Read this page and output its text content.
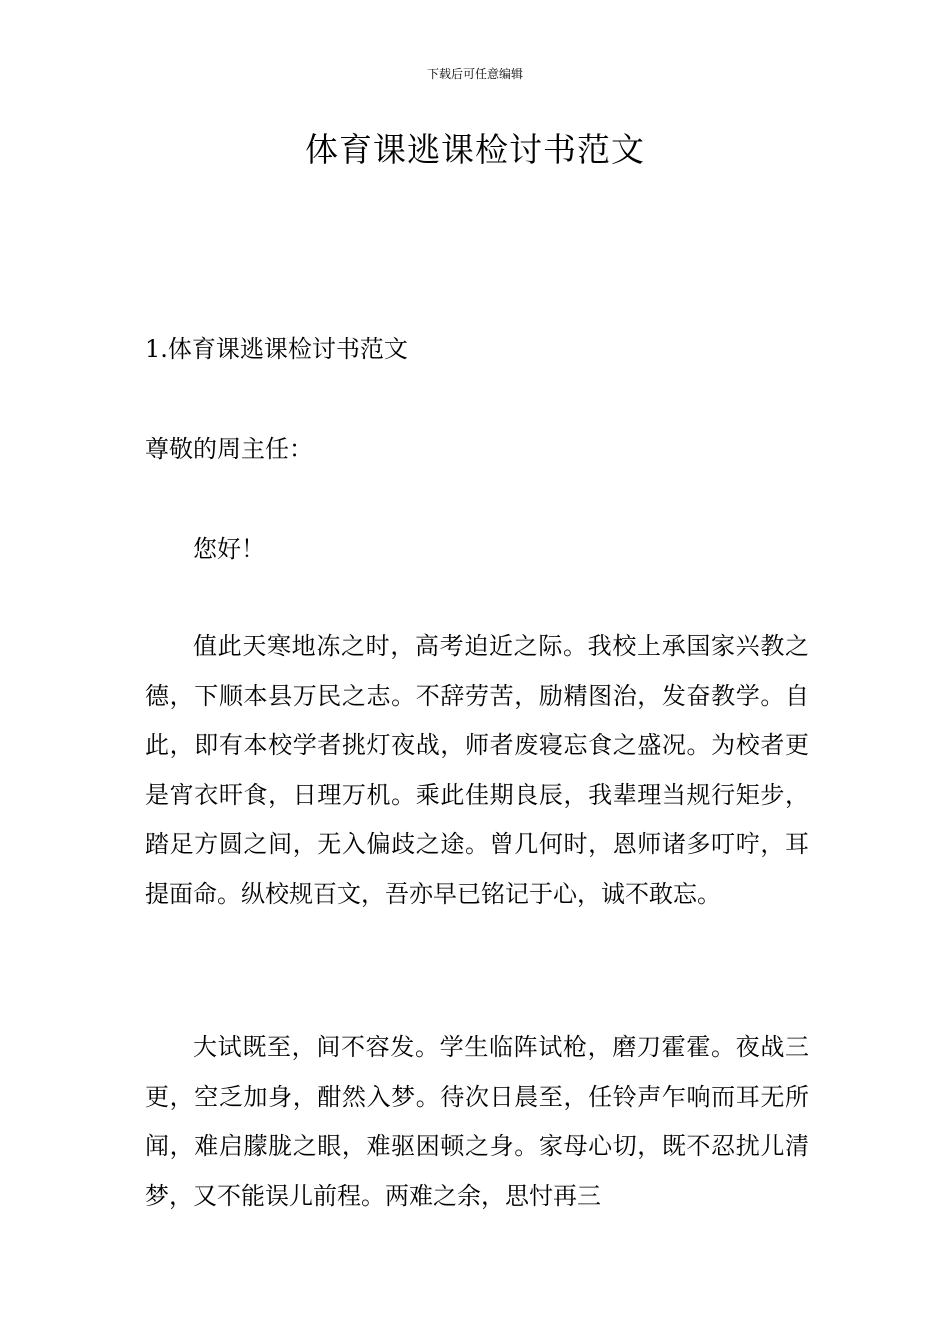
下载后可任意编辑
体育课逃课检讨书范文
1.体育课逃课检讨书范文

尊敬的周主任：

您好！

值此天寒地冻之时，高考迫近之际。我校上承国家兴教之德，下顺本县万民之志。不辞劳苦，励精图治，发奋教学。自此，即有本校学者挑灯夜战，师者废寝忘食之盛况。为校者更是宵衣旰食，日理万机。乘此佳期良辰，我辈理当规行矩步，踏足方圆之间，无入偏歧之途。曾几何时，恩师诸多叮咛，耳提面命。纵校规百文，吾亦早已铭记于心，诚不敢忘。

大试既至，间不容发。学生临阵试枪，磨刀霍霍。夜战三更，空乏加身，酣然入梦。待次日晨至，任铃声乍响而耳无所闻，难启朦胧之眼，难驱困顿之身。家母心切，既不忍扰儿清梦，又不能误儿前程。两难之余，思忖再三
